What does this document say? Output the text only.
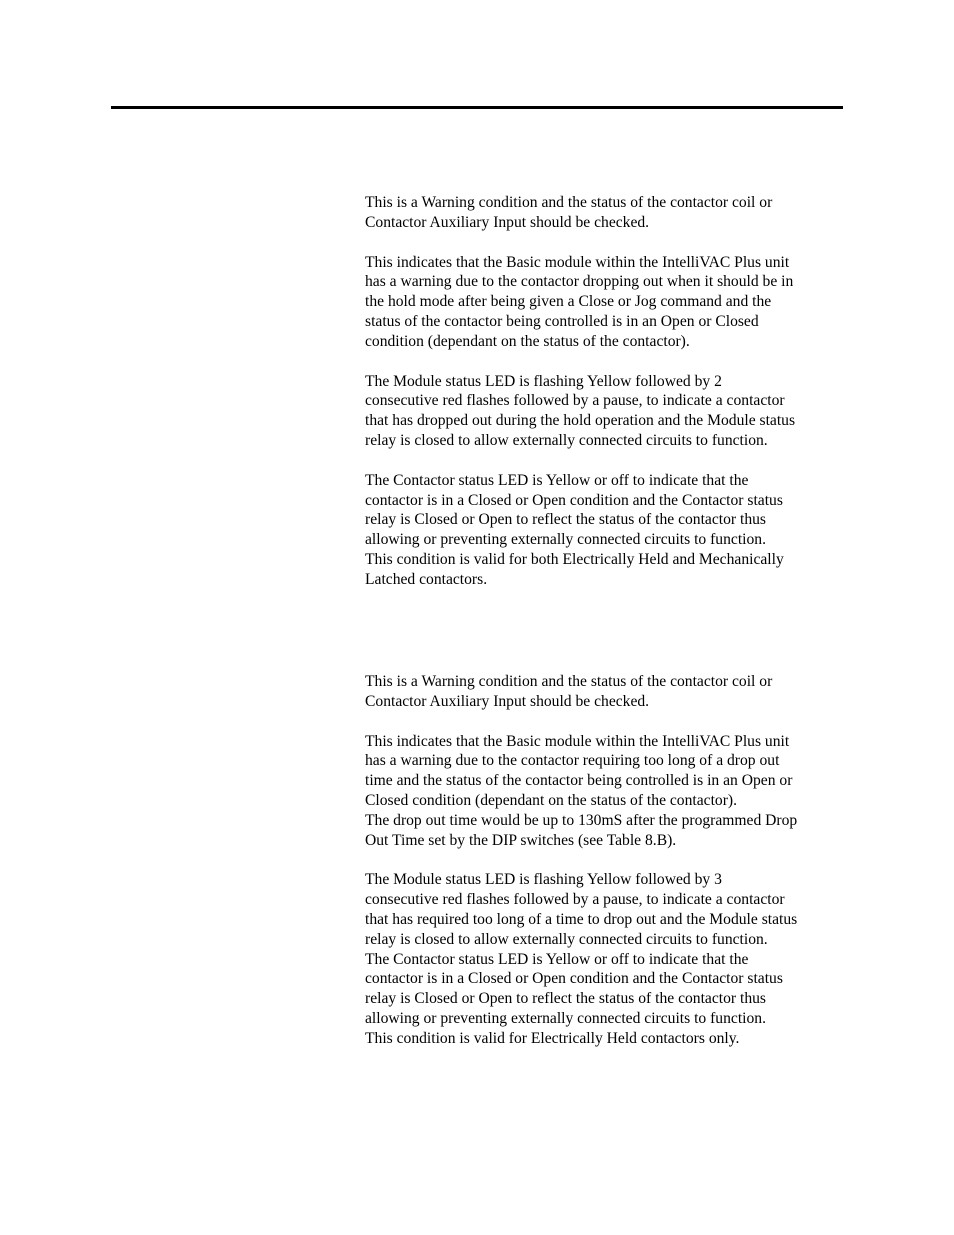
This is a Warning condition and the status of the contactor coil or
Contactor Auxiliary Input should be checked.

This indicates that the Basic module within the IntelliVAC Plus unit
has a warning due to the contactor dropping out when it should be in
the hold mode after being given a Close or Jog command and the
status of the contactor being controlled is in an Open or Closed
condition (dependant on the status of the contactor).

The Module status LED is flashing Yellow followed by 2
consecutive red flashes followed by a pause, to indicate a contactor
that has dropped out during the hold operation and the Module status
relay is closed to allow externally connected circuits to function.

The Contactor status LED is Yellow or off to indicate that the
contactor is in a Closed or Open condition and the Contactor status
relay is Closed or Open to reflect the status of the contactor thus
allowing or preventing externally connected circuits to function.
This condition is valid for both Electrically Held and Mechanically
Latched contactors.

This is a Warning condition and the status of the contactor coil or
Contactor Auxiliary Input should be checked.

This indicates that the Basic module within the IntelliVAC Plus unit
has a warning due to the contactor requiring too long of a drop out
time and the status of the contactor being controlled is in an Open or
Closed condition (dependant on the status of the contactor).
The drop out time would be up to 130mS after the programmed Drop
Out Time set by the DIP switches (see Table 8.B).

The Module status LED is flashing Yellow followed by 3
consecutive red flashes followed by a pause, to indicate a contactor
that has required too long of a time to drop out and the Module status
relay is closed to allow externally connected circuits to function.
The Contactor status LED is Yellow or off to indicate that the
contactor is in a Closed or Open condition and the Contactor status
relay is Closed or Open to reflect the status of the contactor thus
allowing or preventing externally connected circuits to function.
This condition is valid for Electrically Held contactors only.
